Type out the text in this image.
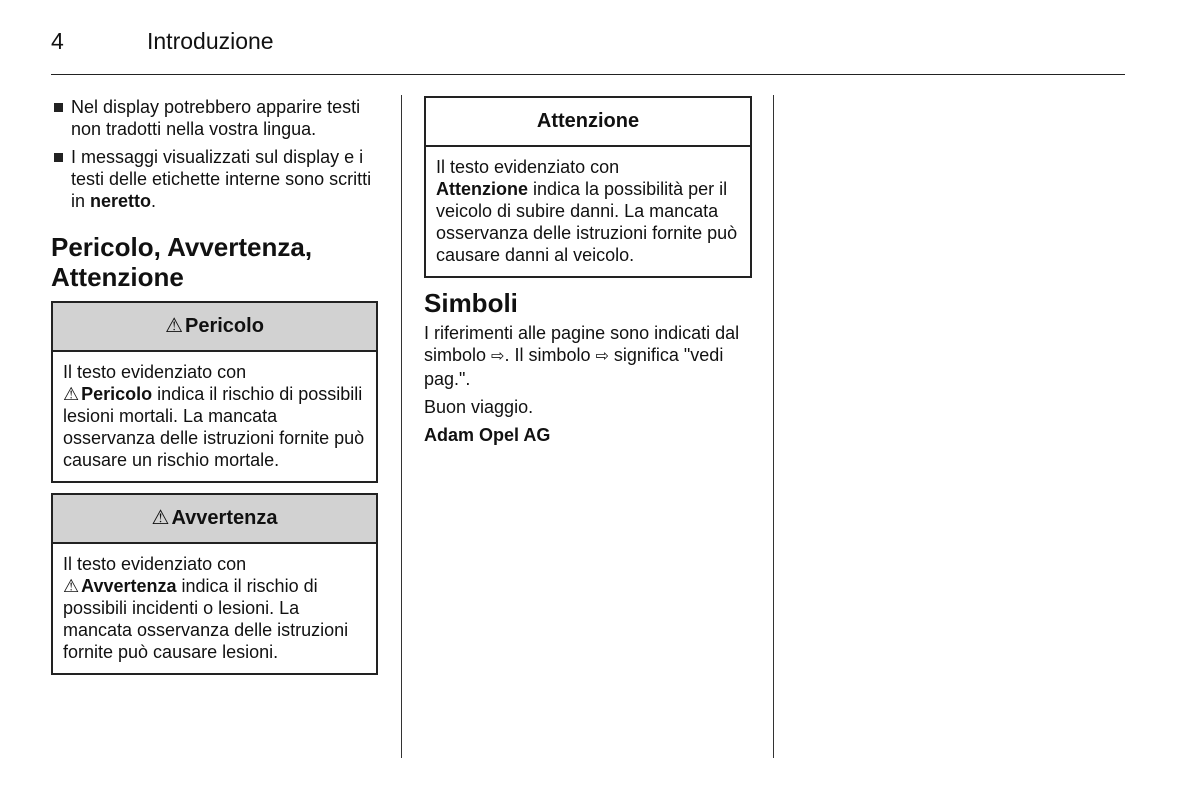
4	Introduzione
Nel display potrebbero apparire testi non tradotti nella vostra lingua.
I messaggi visualizzati sul display e i testi delle etichette interne sono scritti in neretto.
Pericolo, Avvertenza,
Attenzione
⚠ Pericolo
Il testo evidenziato con
⚠ Pericolo indica il rischio di possibili lesioni mortali. La mancata osservanza delle istruzioni fornite può causare un rischio mortale.
⚠ Avvertenza
Il testo evidenziato con
⚠ Avvertenza indica il rischio di possibili incidenti o lesioni. La mancata osservanza delle istruzioni fornite può causare lesioni.
Attenzione
Il testo evidenziato con
Attenzione indica la possibilità per il veicolo di subire danni. La mancata osservanza delle istruzioni fornite può causare danni al veicolo.
Simboli

I riferimenti alle pagine sono indicati dal simbolo ⇨. Il simbolo ⇨ significa "vedi pag.".

Buon viaggio.

Adam Opel AG
